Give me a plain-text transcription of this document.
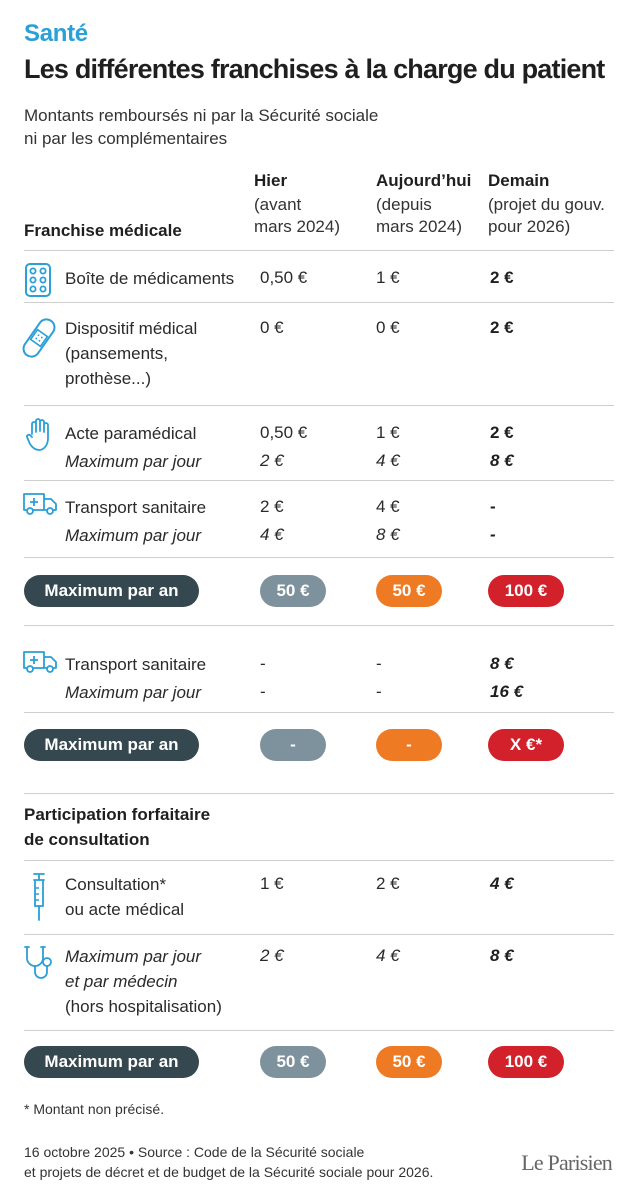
Santé
Les différentes franchises à la charge du patient
Montants remboursés ni par la Sécurité sociale
ni par les complémentaires
Hier
(avant
mars 2024)
Aujourd’hui
(depuis
mars 2024)
Demain
(projet du gouv.
pour 2026)
Franchise médicale
Boîte de médicaments 0,50 €	1 €	2 €
Dispositif médical
(pansements,
prothèse...)
0 €	0 €	2 €
Acte paramédical	0,50 €	1 €	2 €
Maximum par jour	2 €	4 €	8 €
Transport sanitaire	2 €	4 €	-
Maximum par jour	4 €	8 €	-
Maximum par an	50 €	50 €	100 €
Transport sanitaire	-	-	8 €
Maximum par jour	-	-	16 €
Maximum par an	-	-	X €*
Participation forfaitaire
de consultation
Consultation*
ou acte médical
1 €	2 €	4 €
Maximum par jour
et par médecin
(hors hospitalisation)
2 €	4 €	8 €
Maximum par an	50 €	50 €	100 €
* Montant non précisé.
16 octobre 2025 • Source : Code de la Sécurité sociale
et projets de décret et de budget de la Sécurité sociale pour 2026.	Le Parisien
